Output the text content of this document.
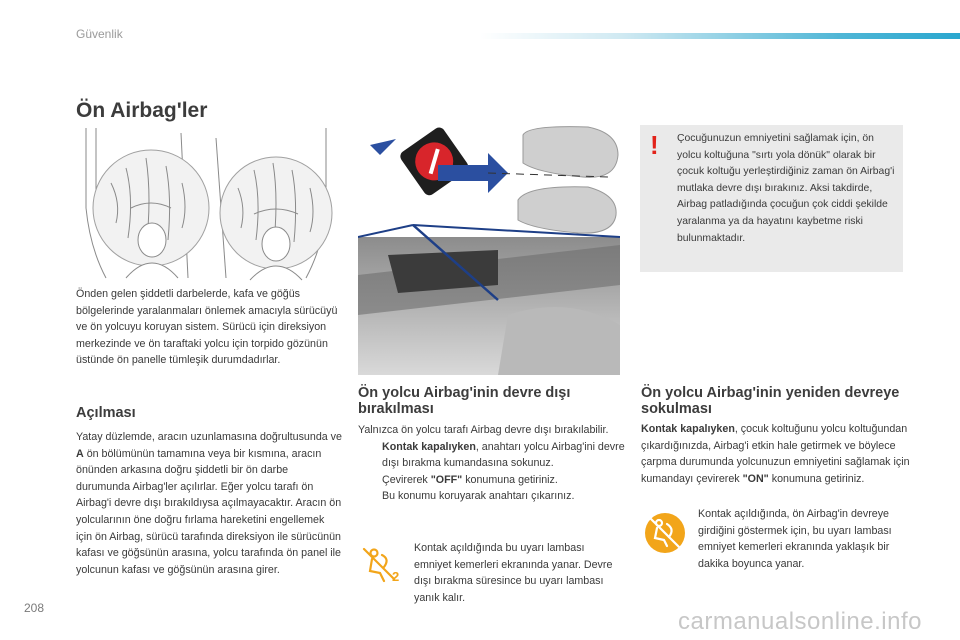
Güvenlik
Ön Airbag'ler
Önden gelen şiddetli darbelerde, kafa ve göğüs bölgelerinde yaralanmaları önlemek amacıyla sürücüyü ve ön yolcuyu koruyan sistem. Sürücü için direksiyon merkezinde ve ön taraftaki yolcu için torpido gözünün üstünde ön panelle tümleşik durumdadırlar.
Açılması
Yatay düzlemde, aracın uzunlamasına doğrultusunda ve A ön bölümünün tamamına veya bir kısmına, aracın önünden arkasına doğru şiddetli bir ön darbe durumunda Airbag'ler açılırlar. Eğer yolcu tarafı ön Airbag'i devre dışı bırakıldıysa açılmayacaktır. Aracın ön yolcularının öne doğru fırlama hareketini engellemek için ön Airbag, sürücü tarafında direksiyon ile sürücünün kafası ve göğsünün arasına, yolcu tarafında ön panel ile yolcunun kafası ve göğsünün arasına girer.
Ön yolcu Airbag'inin devre dışı bırakılması
Yalnızca ön yolcu tarafı Airbag devre dışı bırakılabilir.
Kontak kapalıyken, anahtarı yolcu Airbag'ini devre dışı bırakma kumandasına sokunuz.
Çevirerek "OFF" konumuna getiriniz.
Bu konumu koruyarak anahtarı çıkarınız.
2
Kontak açıldığında bu uyarı lambası emniyet kemerleri ekranında yanar. Devre dışı bırakma süresince bu uyarı lambası yanık kalır.
! Çocuğunuzun emniyetini sağlamak için, ön yolcu koltuğuna "sırtı yola dönük" olarak bir çocuk koltuğu yerleştirdiğiniz zaman ön Airbag'i mutlaka devre dışı bırakınız. Aksi takdirde, Airbag patladığında çocuğun çok ciddi şekilde yaralanma ya da hayatını kaybetme riski bulunmaktadır.
Ön yolcu Airbag'inin yeniden devreye sokulması
Kontak kapalıyken, çocuk koltuğunu yolcu koltuğundan çıkardığınızda, Airbag'i etkin hale getirmek ve böylece çarpma durumunda yolcunuzun emniyetini sağlamak için kumandayı çevirerek "ON" konumuna getiriniz.
Kontak açıldığında, ön Airbag'in devreye girdiğini göstermek için, bu uyarı lambası emniyet kemerleri ekranında yaklaşık bir dakika boyunca yanar.
208	carmanualsonline.info
